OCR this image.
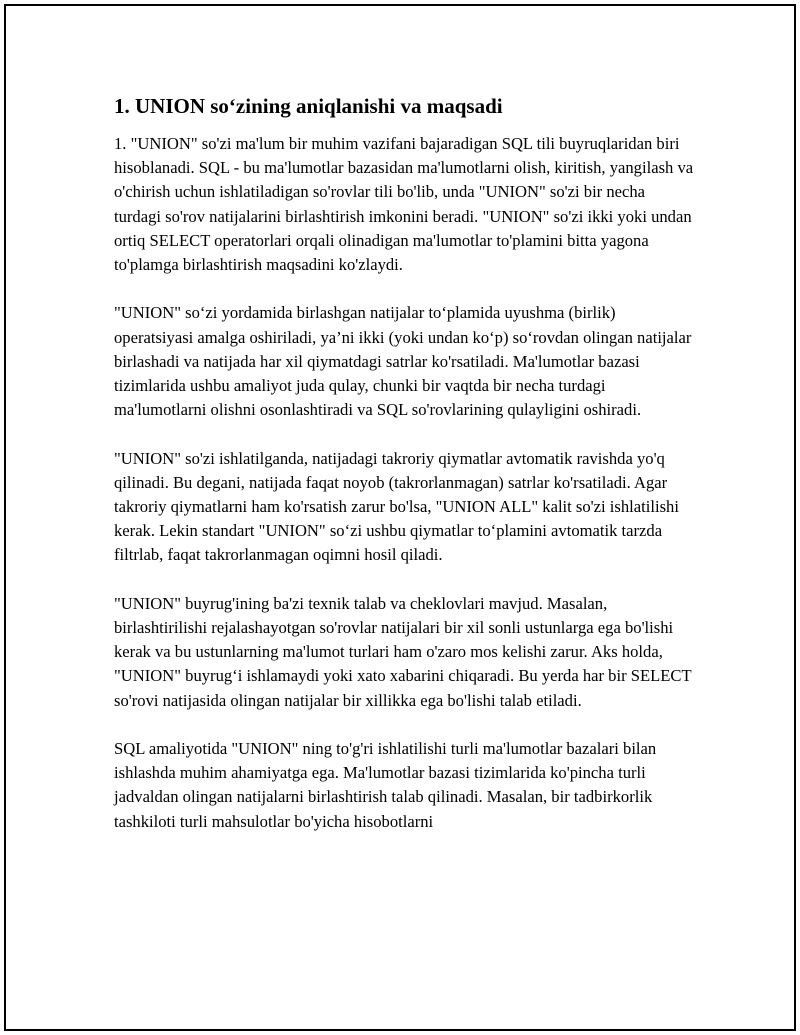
1. UNION so‘zining aniqlanishi va maqsadi

1. "UNION" so'zi ma'lum bir muhim vazifani bajaradigan SQL tili buyruqlaridan biri hisoblanadi. SQL - bu ma'lumotlar bazasidan ma'lumotlarni olish, kiritish, yangilash va o'chirish uchun ishlatiladigan so'rovlar tili bo'lib, unda "UNION" so'zi bir necha turdagi so'rov natijalarini birlashtirish imkonini beradi. "UNION" so'zi ikki yoki undan ortiq SELECT operatorlari orqali olinadigan ma'lumotlar to'plamini bitta yagona to'plamga birlashtirish maqsadini ko'zlaydi.

"UNION" so‘zi yordamida birlashgan natijalar to‘plamida uyushma (birlik) operatsiyasi amalga oshiriladi, ya’ni ikki (yoki undan ko‘p) so‘rovdan olingan natijalar birlashadi va natijada har xil qiymatdagi satrlar ko'rsatiladi. Ma'lumotlar bazasi tizimlarida ushbu amaliyot juda qulay, chunki bir vaqtda bir necha turdagi ma'lumotlarni olishni osonlashtiradi va SQL so'rovlarining qulayligini oshiradi.

"UNION" so'zi ishlatilganda, natijadagi takroriy qiymatlar avtomatik ravishda yo'q qilinadi. Bu degani, natijada faqat noyob (takrorlanmagan) satrlar ko'rsatiladi. Agar takroriy qiymatlarni ham ko'rsatish zarur bo'lsa, "UNION ALL" kalit so'zi ishlatilishi kerak. Lekin standart "UNION" so‘zi ushbu qiymatlar to‘plamini avtomatik tarzda filtrlab, faqat takrorlanmagan oqimni hosil qiladi.

"UNION" buyrug'ining ba'zi texnik talab va cheklovlari mavjud. Masalan, birlashtirilishi rejalashayotgan so'rovlar natijalari bir xil sonli ustunlarga ega bo'lishi kerak va bu ustunlarning ma'lumot turlari ham o'zaro mos kelishi zarur. Aks holda, "UNION" buyrug‘i ishlamaydi yoki xato xabarini chiqaradi. Bu yerda har bir SELECT so'rovi natijasida olingan natijalar bir xillikka ega bo'lishi talab etiladi.

SQL amaliyotida "UNION" ning to'g'ri ishlatilishi turli ma'lumotlar bazalari bilan ishlashda muhim ahamiyatga ega. Ma'lumotlar bazasi tizimlarida ko'pincha turli jadvaldan olingan natijalarni birlashtirish talab qilinadi. Masalan, bir tadbirkorlik tashkiloti turli mahsulotlar bo'yicha hisobotlarni
